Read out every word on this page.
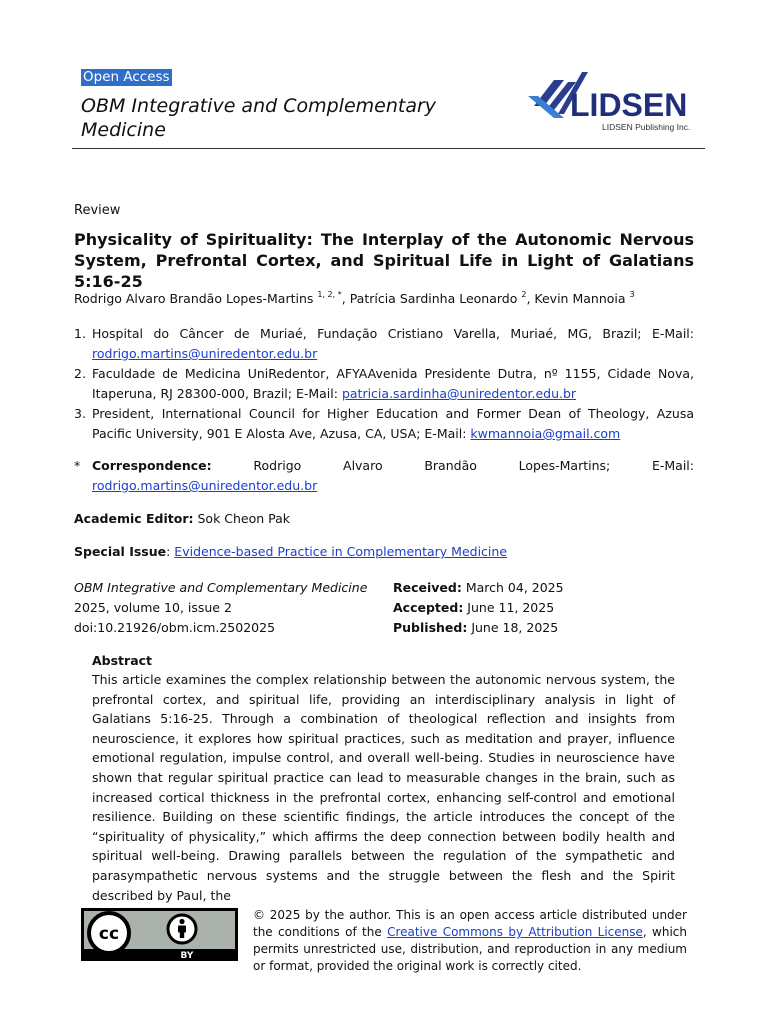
Open Access
OBM Integrative and Complementary Medicine
LIDSEN
LIDSEN Publishing Inc.
Review
Physicality of Spirituality: The Interplay of the Autonomic Nervous System, Prefrontal Cortex, and Spiritual Life in Light of Galatians 5:16-25
Rodrigo Alvaro Brandão Lopes-Martins $^{1, 2, *}$, Patrícia Sardinha Leonardo $^2$, Kevin Mannoia $^3$
1. Hospital do Câncer de Muriaé, Fundação Cristiano Varella, Muriaé, MG, Brazil; E-Mail: rodrigo.martins@uniredentor.edu.br
2. Faculdade de Medicina UniRedentor, AFYAAvenida Presidente Dutra, nº 1155, Cidade Nova, Itaperuna, RJ 28300-000, Brazil; E-Mail: patricia.sardinha@uniredentor.edu.br
3. President, International Council for Higher Education and Former Dean of Theology, Azusa Pacific University, 901 E Alosta Ave, Azusa, CA, USA; E-Mail: kwmannoia@gmail.com
* Correspondence: Rodrigo Alvaro Brandão Lopes-Martins; E-Mail: rodrigo.martins@uniredentor.edu.br
Academic Editor: Sok Cheon Pak
Special Issue: Evidence-based Practice in Complementary Medicine
OBM Integrative and Complementary Medicine
2025, volume 10, issue 2
doi:10.21926/obm.icm.2502025
Received: March 04, 2025
Accepted: June 11, 2025
Published: June 18, 2025
Abstract
This article examines the complex relationship between the autonomic nervous system, the prefrontal cortex, and spiritual life, providing an interdisciplinary analysis in light of Galatians 5:16-25. Through a combination of theological reflection and insights from neuroscience, it explores how spiritual practices, such as meditation and prayer, influence emotional regulation, impulse control, and overall well-being. Studies in neuroscience have shown that regular spiritual practice can lead to measurable changes in the brain, such as increased cortical thickness in the prefrontal cortex, enhancing self-control and emotional resilience. Building on these scientific findings, the article introduces the concept of the “spirituality of physicality,” which affirms the deep connection between bodily health and spiritual well-being. Drawing parallels between the regulation of the sympathetic and parasympathetic nervous systems and the struggle between the flesh and the Spirit described by Paul, the
cc
BY
© 2025 by the author. This is an open access article distributed under the conditions of the Creative Commons by Attribution License, which permits unrestricted use, distribution, and reproduction in any medium or format, provided the original work is correctly cited.
